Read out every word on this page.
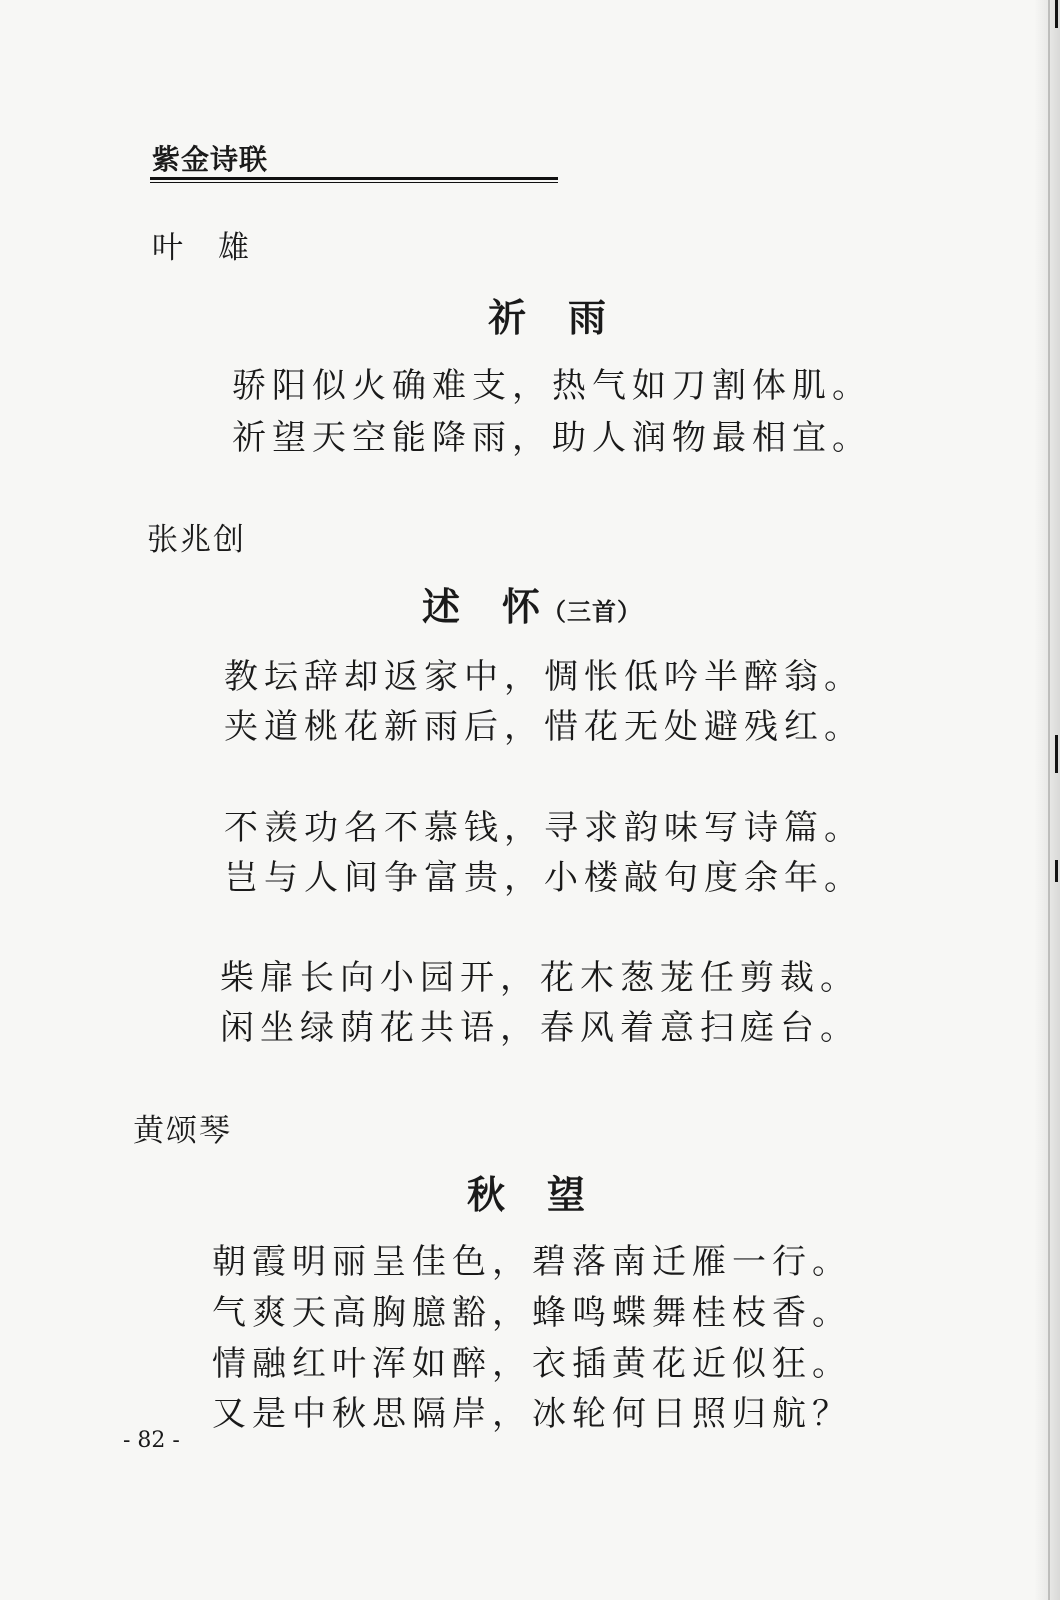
紫金诗联
叶　雄
祈　雨
骄阳似火确难支，热气如刀割体肌。
祈望天空能降雨，助人润物最相宜。
张兆创
述　怀（三首）
教坛辞却返家中，惆怅低吟半醉翁。
夹道桃花新雨后，惜花无处避残红。
不羡功名不慕钱，寻求韵味写诗篇。
岂与人间争富贵，小楼敲句度余年。
柴扉长向小园开，花木葱茏任剪裁。
闲坐绿荫花共语，春风着意扫庭台。
黄颂琴
秋　望
朝霞明丽呈佳色，碧落南迁雁一行。
气爽天高胸臆豁，蜂鸣蝶舞桂枝香。
情融红叶浑如醉，衣插黄花近似狂。
又是中秋思隔岸，冰轮何日照归航？
- 82 -
